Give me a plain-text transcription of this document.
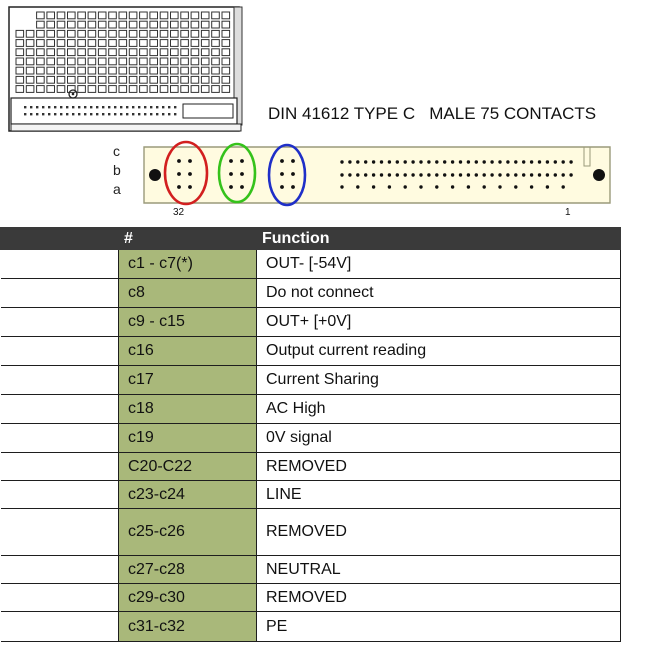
DIN 41612 TYPE C   MALE 75 CONTACTS
c
b
a
32	1
	#	Function
	c1 - c7(*)	OUT- [-54V]
	c8	Do not connect
	c9 - c15	OUT+ [+0V]
	c16	Output current reading
	c17	Current Sharing
	c18	AC High
	c19	0V signal
	C20-C22	REMOVED
	c23-c24	LINE
	c25-c26	REMOVED
	c27-c28	NEUTRAL
	c29-c30	REMOVED
	c31-c32	PE
